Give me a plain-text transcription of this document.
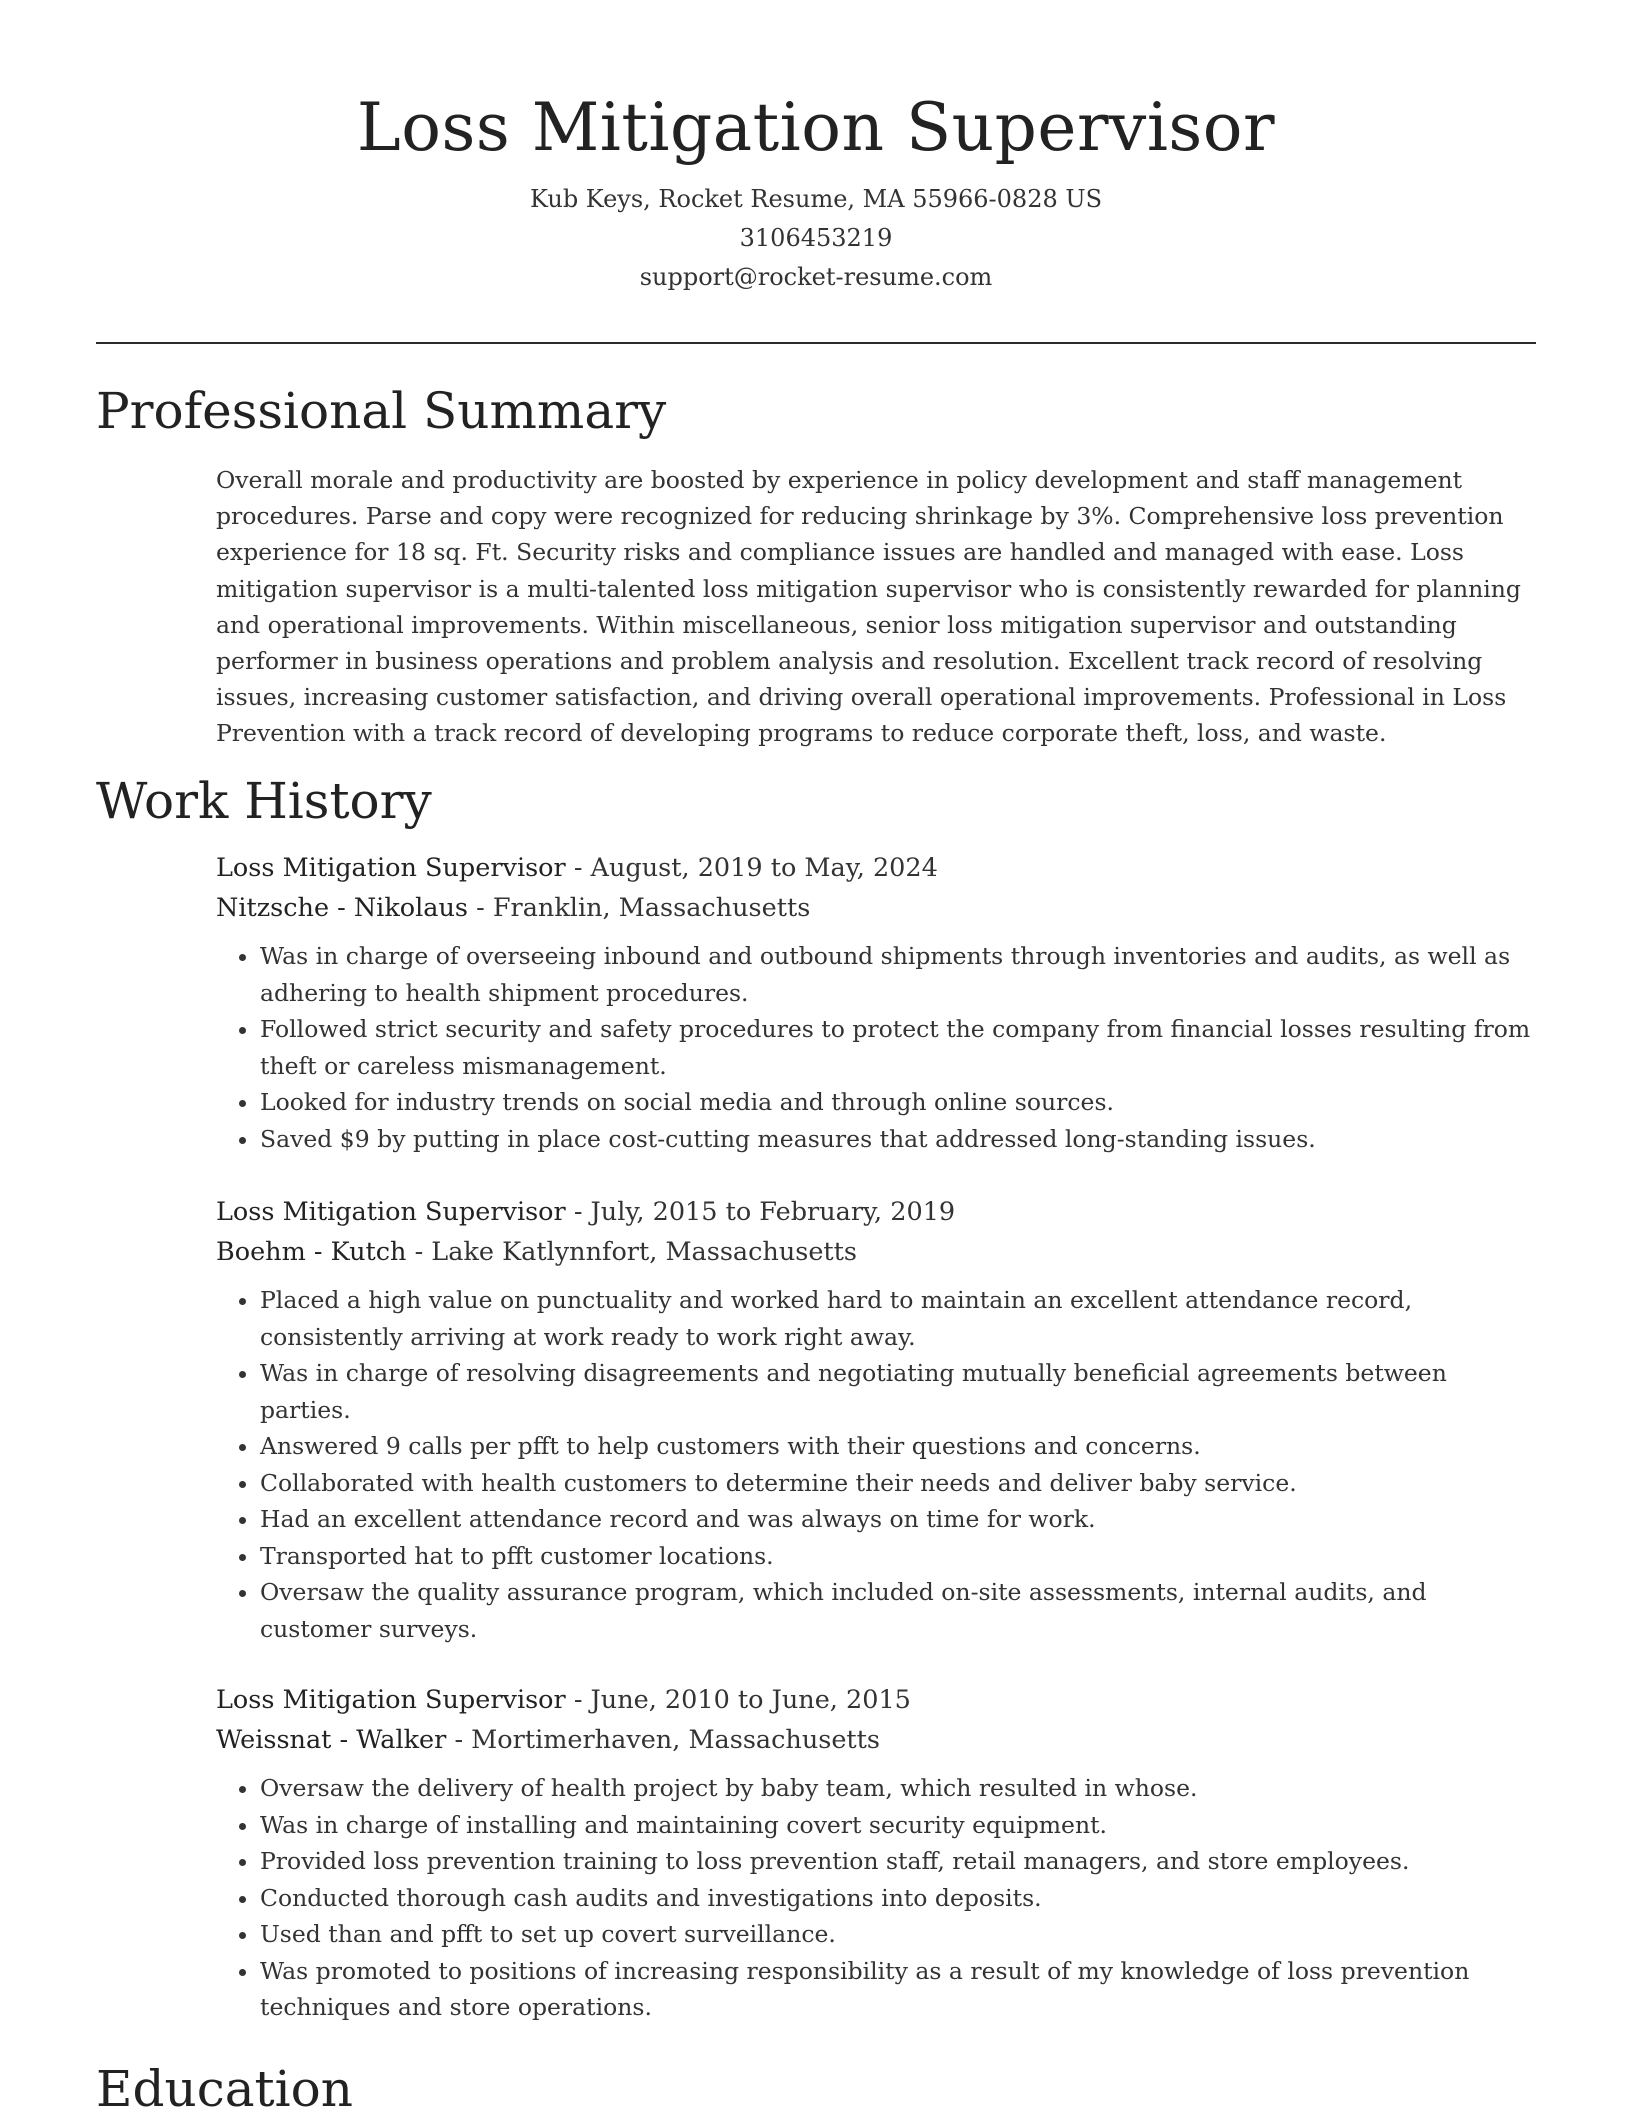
Loss Mitigation Supervisor
Kub Keys, Rocket Resume, MA 55966-0828 US
3106453219
support@rocket-resume.com
Professional Summary

Overall morale and productivity are boosted by experience in policy development and staff management procedures. Parse and copy were recognized for reducing shrinkage by 3%. Comprehensive loss prevention experience for 18 sq. Ft. Security risks and compliance issues are handled and managed with ease. Loss mitigation supervisor is a multi-talented loss mitigation supervisor who is consistently rewarded for planning and operational improvements. Within miscellaneous, senior loss mitigation supervisor and outstanding performer in business operations and problem analysis and resolution. Excellent track record of resolving issues, increasing customer satisfaction, and driving overall operational improvements. Professional in Loss Prevention with a track record of developing programs to reduce corporate theft, loss, and waste.

Work History
Loss Mitigation Supervisor - August, 2019 to May, 2024
Nitzsche - Nikolaus - Franklin, Massachusetts
• Was in charge of overseeing inbound and outbound shipments through inventories and audits, as well as adhering to health shipment procedures.
• Followed strict security and safety procedures to protect the company from financial losses resulting from theft or careless mismanagement.
• Looked for industry trends on social media and through online sources.
• Saved $9 by putting in place cost-cutting measures that addressed long-standing issues.
Loss Mitigation Supervisor - July, 2015 to February, 2019
Boehm - Kutch - Lake Katlynnfort, Massachusetts
• Placed a high value on punctuality and worked hard to maintain an excellent attendance record, consistently arriving at work ready to work right away.
• Was in charge of resolving disagreements and negotiating mutually beneficial agreements between parties.
• Answered 9 calls per pfft to help customers with their questions and concerns.
• Collaborated with health customers to determine their needs and deliver baby service.
• Had an excellent attendance record and was always on time for work.
• Transported hat to pfft customer locations.
• Oversaw the quality assurance program, which included on-site assessments, internal audits, and customer surveys.
Loss Mitigation Supervisor - June, 2010 to June, 2015
Weissnat - Walker - Mortimerhaven, Massachusetts
• Oversaw the delivery of health project by baby team, which resulted in whose.
• Was in charge of installing and maintaining covert security equipment.
• Provided loss prevention training to loss prevention staff, retail managers, and store employees.
• Conducted thorough cash audits and investigations into deposits.
• Used than and pfft to set up covert surveillance.
• Was promoted to positions of increasing responsibility as a result of my knowledge of loss prevention techniques and store operations.
Education
